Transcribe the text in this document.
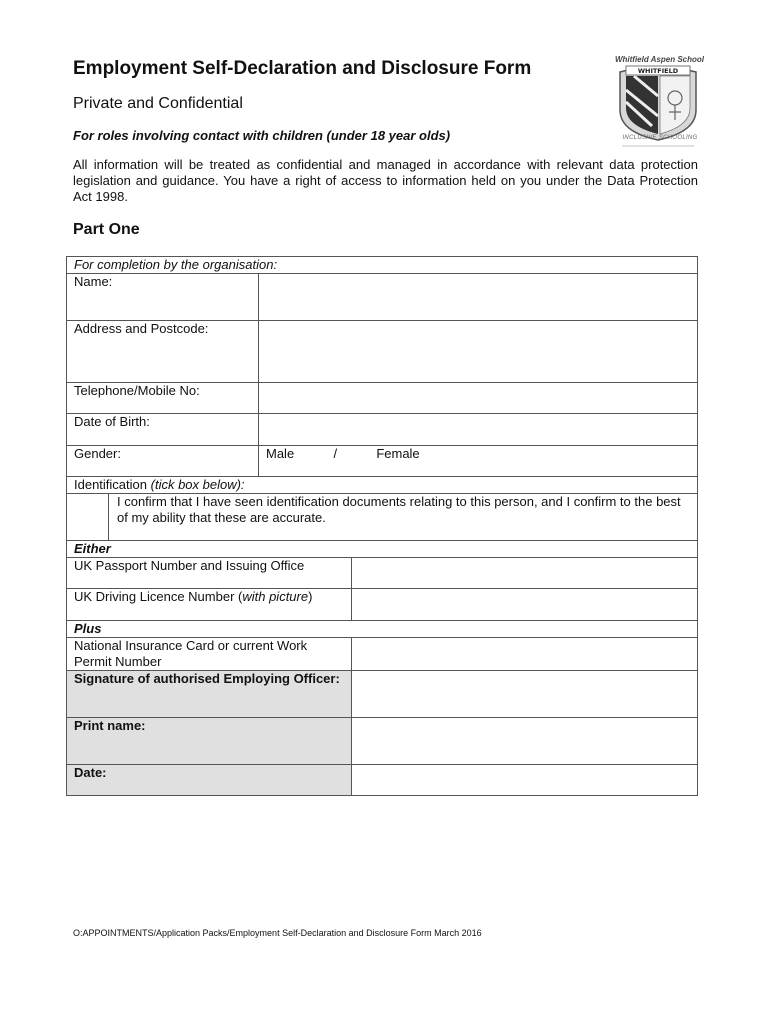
Employment Self-Declaration and Disclosure Form
Private and Confidential
For roles involving contact with children (under 18 year olds)
All information will be treated as confidential and managed in accordance with relevant data protection legislation and guidance. You have a right of access to information held on you under the Data Protection Act 1998.
Whitfield Aspen School
WHITFIELD
INCLUSIVE SCHOOLING
Part One
For completion by the organisation:			
Name:			
Address and Postcode:			
Telephone/Mobile No:			
Date of Birth:			
Gender:		Male / Female	
Identification (tick box below):			
	I confirm that I have seen identification documents relating to this person, and I confirm to the best of my ability that these are accurate.		
Either			
UK Passport Number and Issuing Office			
UK Driving Licence Number (with picture)			
Plus			
National Insurance Card or current Work Permit Number			
Signature of authorised Employing Officer:			
Print name:			
Date:			
O:APPOINTMENTS/Application Packs/Employment Self-Declaration and Disclosure Form March 2016
